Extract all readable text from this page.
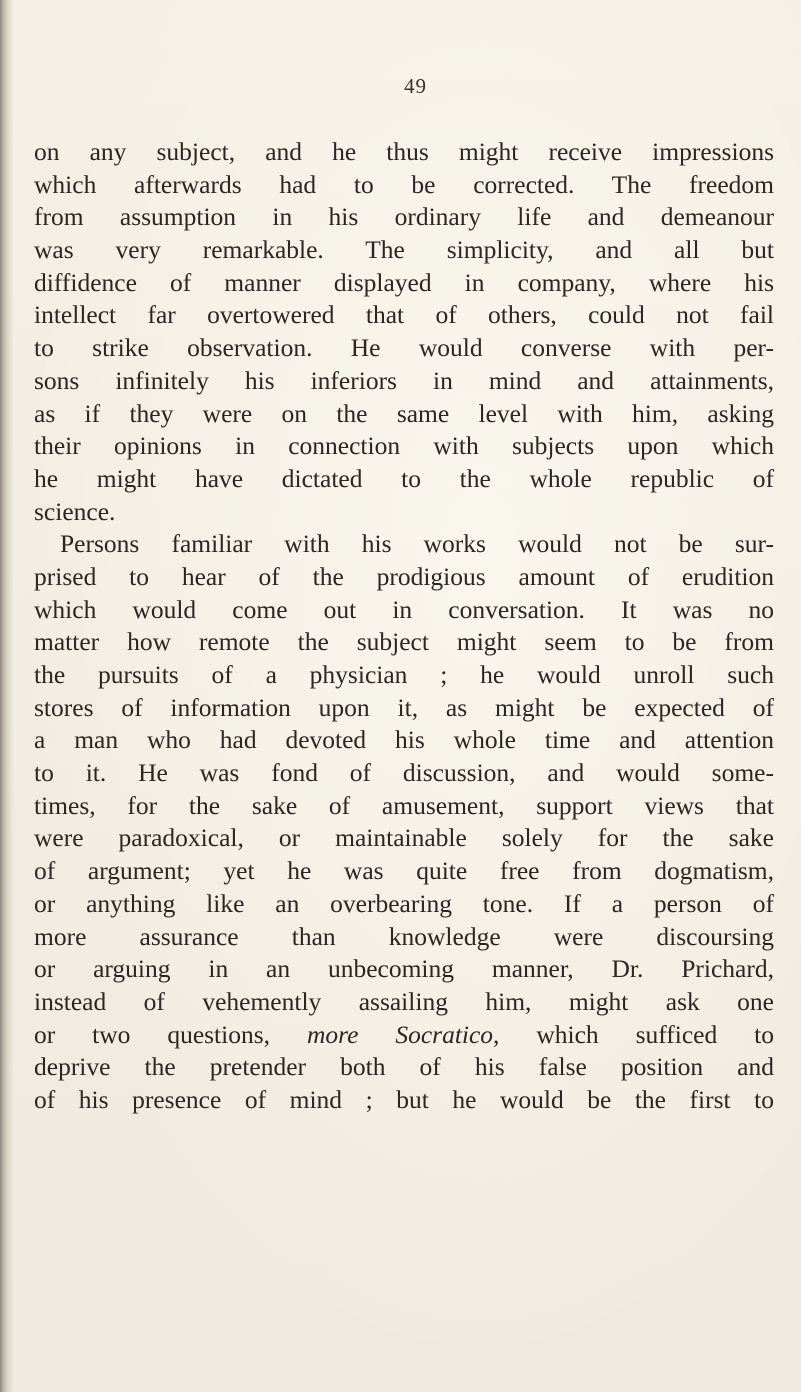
49
on any subject, and he thus might receive impressions
which afterwards had to be corrected. The freedom
from assumption in his ordinary life and demeanour
was very remarkable. The simplicity, and all but
diffidence of manner displayed in company, where his
intellect far overtowered that of others, could not fail
to strike observation. He would converse with per-
sons infinitely his inferiors in mind and attainments,
as if they were on the same level with him, asking
their opinions in connection with subjects upon which
he might have dictated to the whole republic of
science.
Persons familiar with his works would not be sur-
prised to hear of the prodigious amount of erudition
which would come out in conversation. It was no
matter how remote the subject might seem to be from
the pursuits of a physician ; he would unroll such
stores of information upon it, as might be expected of
a man who had devoted his whole time and attention
to it. He was fond of discussion, and would some-
times, for the sake of amusement, support views that
were paradoxical, or maintainable solely for the sake
of argument; yet he was quite free from dogmatism,
or anything like an overbearing tone. If a person of
more assurance than knowledge were discoursing
or arguing in an unbecoming manner, Dr. Prichard,
instead of vehemently assailing him, might ask one
or two questions, more Socratico, which sufficed to
deprive the pretender both of his false position and
of his presence of mind ; but he would be the first to
